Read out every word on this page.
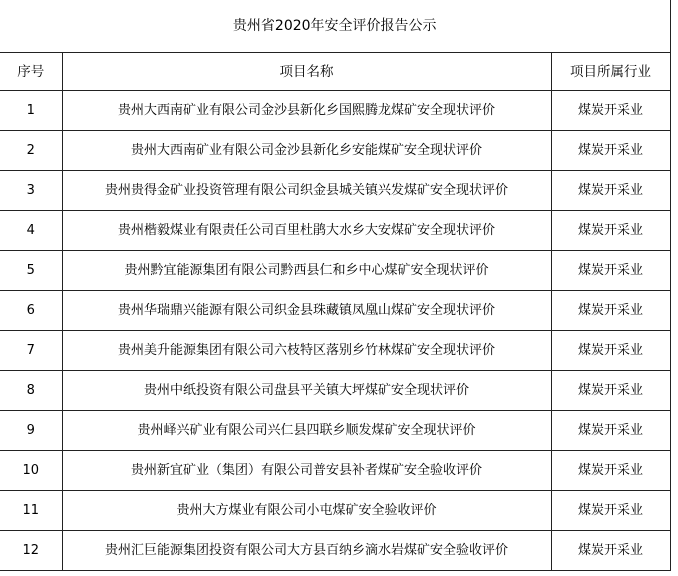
贵州省2020年安全评价报告公示		
序号	项目名称	项目所属行业
1	贵州大西南矿业有限公司金沙县新化乡国熙腾龙煤矿安全现状评价	煤炭开采业
2	贵州大西南矿业有限公司金沙县新化乡安能煤矿安全现状评价	煤炭开采业
3	贵州贵得金矿业投资管理有限公司织金县城关镇兴发煤矿安全现状评价	煤炭开采业
4	贵州楷毅煤业有限责任公司百里杜鹃大水乡大安煤矿安全现状评价	煤炭开采业
5	贵州黔宜能源集团有限公司黔西县仁和乡中心煤矿安全现状评价	煤炭开采业
6	贵州华瑞鼎兴能源有限公司织金县珠藏镇凤凰山煤矿安全现状评价	煤炭开采业
7	贵州美升能源集团有限公司六枝特区落别乡竹林煤矿安全现状评价	煤炭开采业
8	贵州中纸投资有限公司盘县平关镇大坪煤矿安全现状评价	煤炭开采业
9	贵州峄兴矿业有限公司兴仁县四联乡顺发煤矿安全现状评价	煤炭开采业
10	贵州新宜矿业（集团）有限公司普安县补者煤矿安全验收评价	煤炭开采业
11	贵州大方煤业有限公司小屯煤矿安全验收评价	煤炭开采业
12	贵州汇巨能源集团投资有限公司大方县百纳乡滴水岩煤矿安全验收评价	煤炭开采业
